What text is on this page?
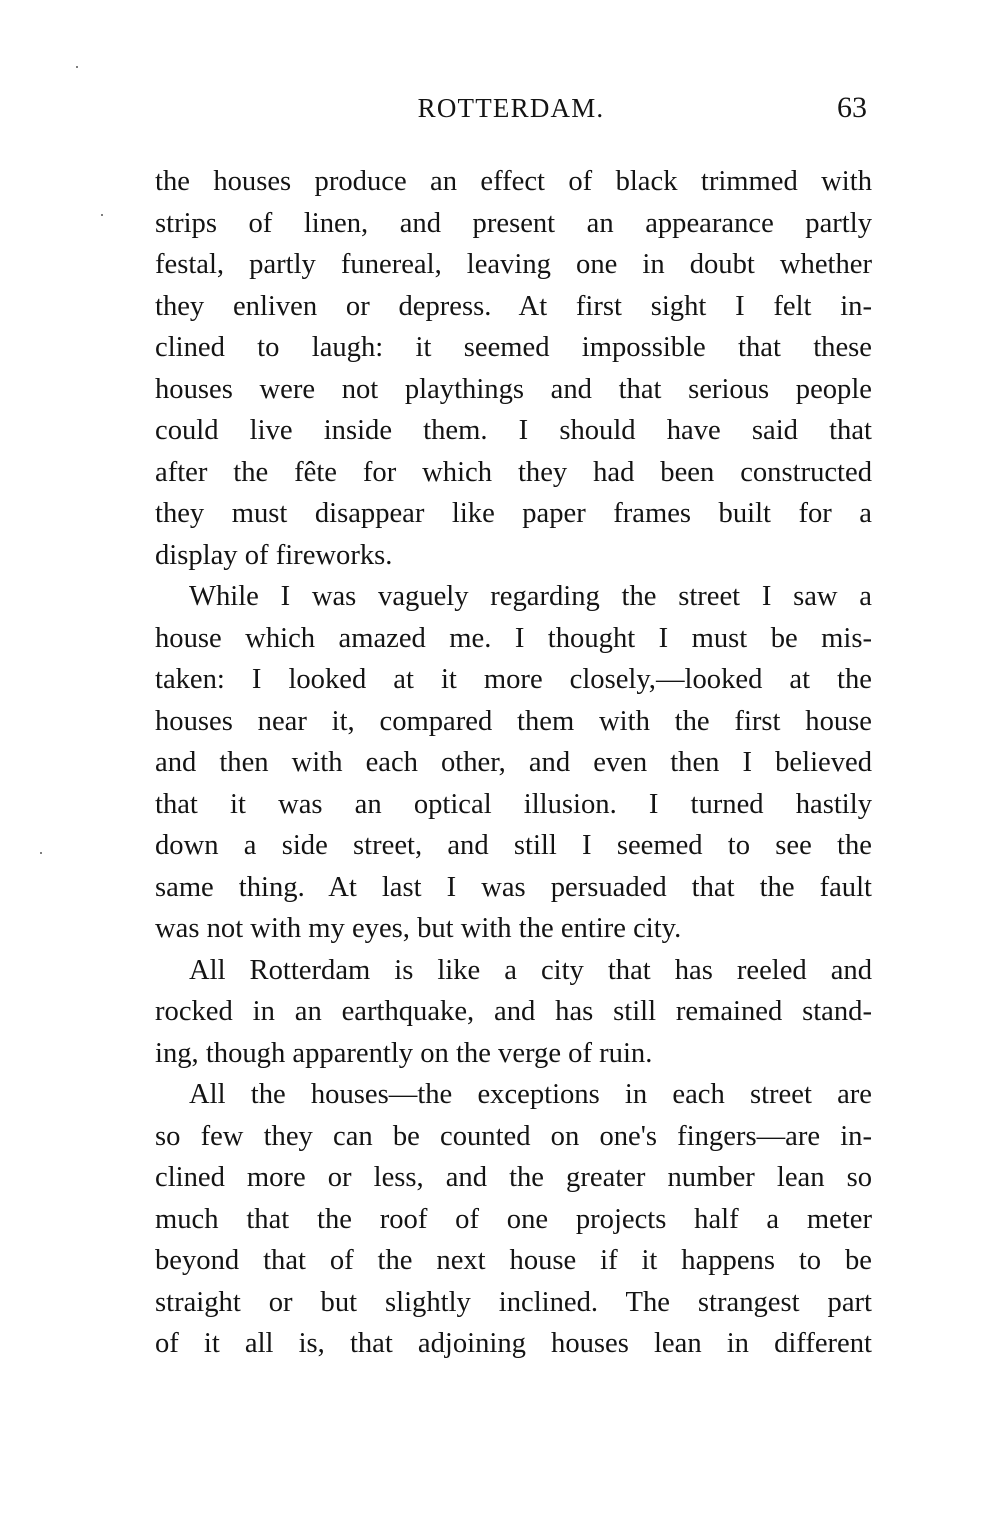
ROTTERDAM.	63

the houses produce an effect of black trimmed with
strips of linen, and present an appearance partly
festal, partly funereal, leaving one in doubt whether
they enliven or depress. At first sight I felt in-
clined to laugh: it seemed impossible that these
houses were not playthings and that serious people
could live inside them. I should have said that
after the fête for which they had been constructed
they must disappear like paper frames built for a
display of fireworks.

While I was vaguely regarding the street I saw a
house which amazed me. I thought I must be mis-
taken: I looked at it more closely,—looked at the
houses near it, compared them with the first house
and then with each other, and even then I believed
that it was an optical illusion. I turned hastily
down a side street, and still I seemed to see the
same thing. At last I was persuaded that the fault
was not with my eyes, but with the entire city.

All Rotterdam is like a city that has reeled and
rocked in an earthquake, and has still remained stand-
ing, though apparently on the verge of ruin.

All the houses—the exceptions in each street are
so few they can be counted on one's fingers—are in-
clined more or less, and the greater number lean so
much that the roof of one projects half a meter
beyond that of the next house if it happens to be
straight or but slightly inclined. The strangest part
of it all is, that adjoining houses lean in different
